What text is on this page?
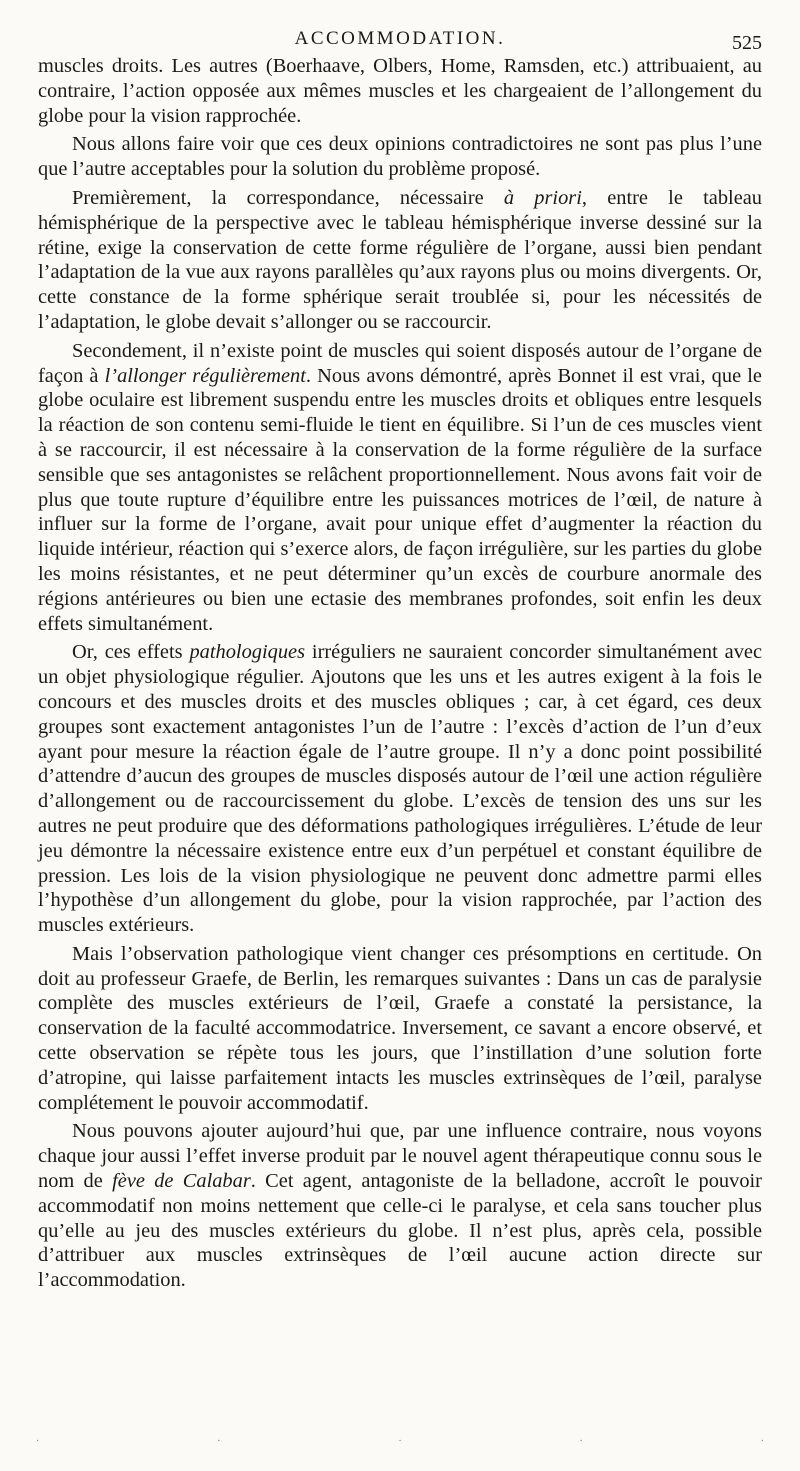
ACCOMMODATION.	525

muscles droits. Les autres (Boerhaave, Olbers, Home, Ramsden, etc.) attribuaient, au contraire, l’action opposée aux mêmes muscles et les chargeaient de l’allongement du globe pour la vision rapprochée.

Nous allons faire voir que ces deux opinions contradictoires ne sont pas plus l’une que l’autre acceptables pour la solution du problème proposé.

Premièrement, la correspondance, nécessaire à priori, entre le tableau hémisphérique de la perspective avec le tableau hémisphérique inverse dessiné sur la rétine, exige la conservation de cette forme régulière de l’organe, aussi bien pendant l’adaptation de la vue aux rayons parallèles qu’aux rayons plus ou moins divergents. Or, cette constance de la forme sphérique serait troublée si, pour les nécessités de l’adaptation, le globe devait s’allonger ou se raccourcir.

Secondement, il n’existe point de muscles qui soient disposés autour de l’organe de façon à l’allonger régulièrement. Nous avons démontré, après Bonnet il est vrai, que le globe oculaire est librement suspendu entre les muscles droits et obliques entre lesquels la réaction de son contenu semi-fluide le tient en équilibre. Si l’un de ces muscles vient à se raccourcir, il est nécessaire à la conservation de la forme régulière de la surface sensible que ses antagonistes se relâchent proportionnellement. Nous avons fait voir de plus que toute rupture d’équilibre entre les puissances motrices de l’œil, de nature à influer sur la forme de l’organe, avait pour unique effet d’augmenter la réaction du liquide intérieur, réaction qui s’exerce alors, de façon irrégulière, sur les parties du globe les moins résistantes, et ne peut déterminer qu’un excès de courbure anormale des régions antérieures ou bien une ectasie des membranes profondes, soit enfin les deux effets simultanément.

Or, ces effets pathologiques irréguliers ne sauraient concorder simultanément avec un objet physiologique régulier. Ajoutons que les uns et les autres exigent à la fois le concours et des muscles droits et des muscles obliques ; car, à cet égard, ces deux groupes sont exactement antagonistes l’un de l’autre : l’excès d’action de l’un d’eux ayant pour mesure la réaction égale de l’autre groupe. Il n’y a donc point possibilité d’attendre d’aucun des groupes de muscles disposés autour de l’œil une action régulière d’allongement ou de raccourcissement du globe. L’excès de tension des uns sur les autres ne peut produire que des déformations pathologiques irrégulières. L’étude de leur jeu démontre la nécessaire existence entre eux d’un perpétuel et constant équilibre de pression. Les lois de la vision physiologique ne peuvent donc admettre parmi elles l’hypothèse d’un allongement du globe, pour la vision rapprochée, par l’action des muscles extérieurs.

Mais l’observation pathologique vient changer ces présomptions en certitude. On doit au professeur Graefe, de Berlin, les remarques suivantes : Dans un cas de paralysie complète des muscles extérieurs de l’œil, Graefe a constaté la persistance, la conservation de la faculté accommodatrice. Inversement, ce savant a encore observé, et cette observation se répète tous les jours, que l’instillation d’une solution forte d’atropine, qui laisse parfaitement intacts les muscles extrinsèques de l’œil, paralyse complétement le pouvoir accommodatif.

Nous pouvons ajouter aujourd’hui que, par une influence contraire, nous voyons chaque jour aussi l’effet inverse produit par le nouvel agent thérapeutique connu sous le nom de fève de Calabar. Cet agent, antagoniste de la belladone, accroît le pouvoir accommodatif non moins nettement que celle-ci le paralyse, et cela sans toucher plus qu’elle au jeu des muscles extérieurs du globe. Il n’est plus, après cela, possible d’attribuer aux muscles extrinsèques de l’œil aucune action directe sur l’accommodation.

·	·	·	·	·
